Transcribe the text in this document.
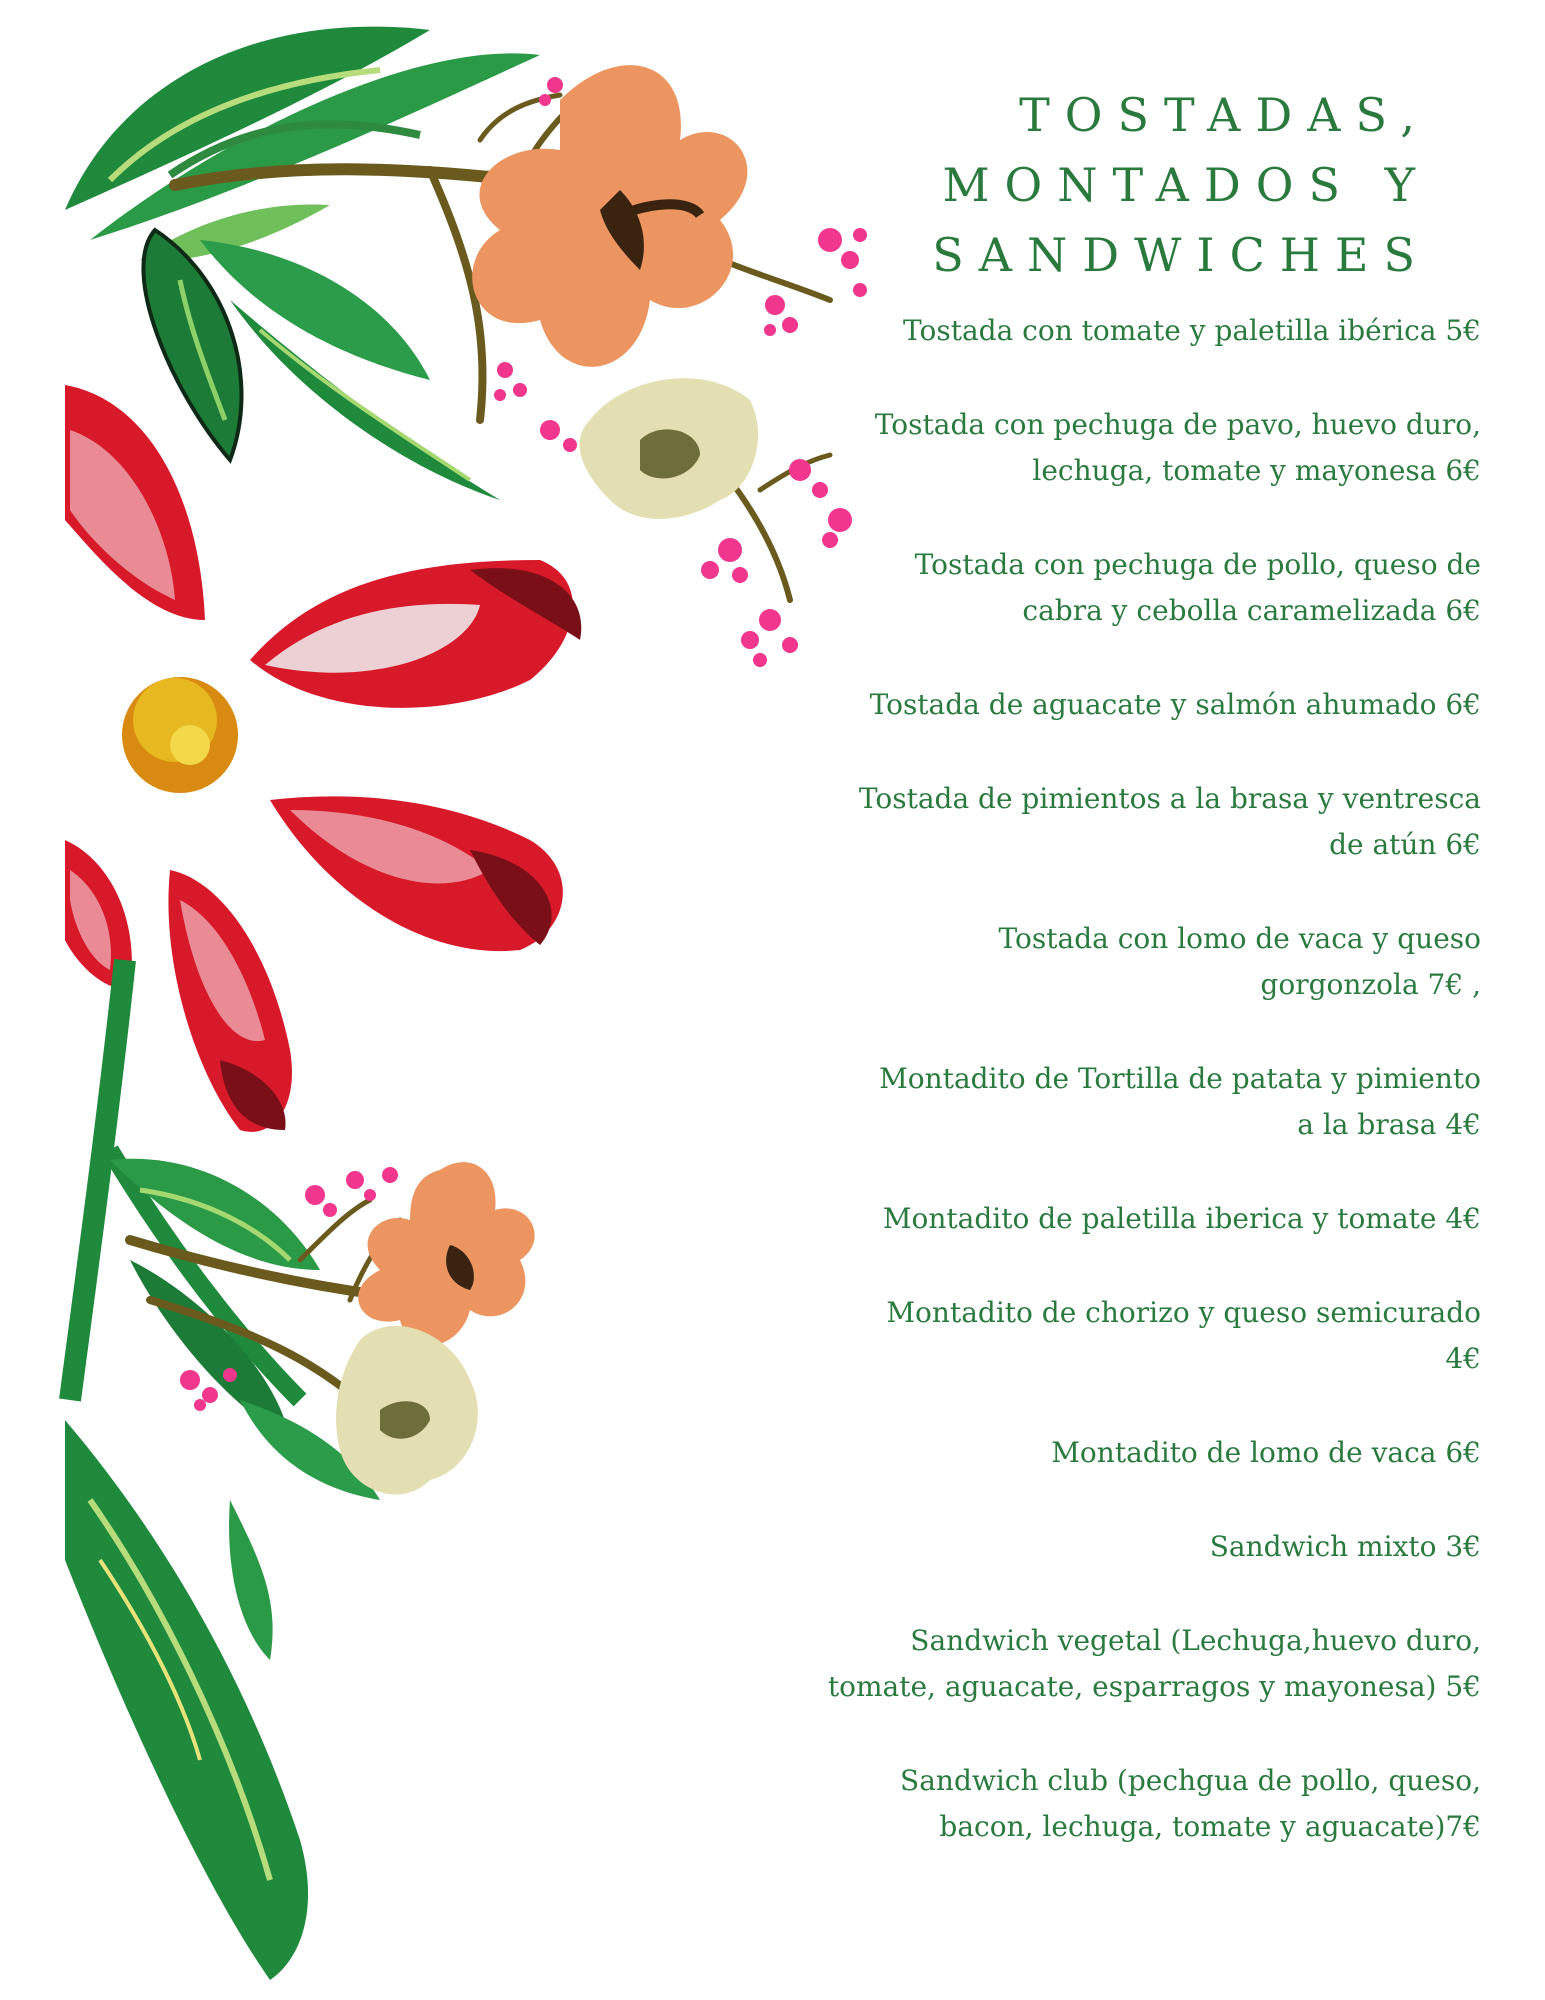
TOSTADAS,
MONTADOS Y
SANDWICHES
Tostada con tomate y paletilla ibérica 5€
Tostada con pechuga de pavo, huevo duro,
lechuga, tomate y mayonesa 6€
Tostada con pechuga de pollo, queso de
cabra y cebolla caramelizada 6€
Tostada de aguacate y salmón ahumado 6€
Tostada de pimientos a la brasa y ventresca
de atún 6€
Tostada con lomo de vaca y queso
gorgonzola 7€ ,
Montadito de Tortilla de patata y pimiento
a la brasa 4€
Montadito de paletilla iberica y tomate 4€
Montadito de chorizo y queso semicurado
4€
Montadito de lomo de vaca 6€
Sandwich mixto 3€
Sandwich vegetal (Lechuga,huevo duro,
tomate, aguacate, esparragos y mayonesa) 5€
Sandwich club (pechgua de pollo, queso,
bacon, lechuga, tomate y aguacate)7€
